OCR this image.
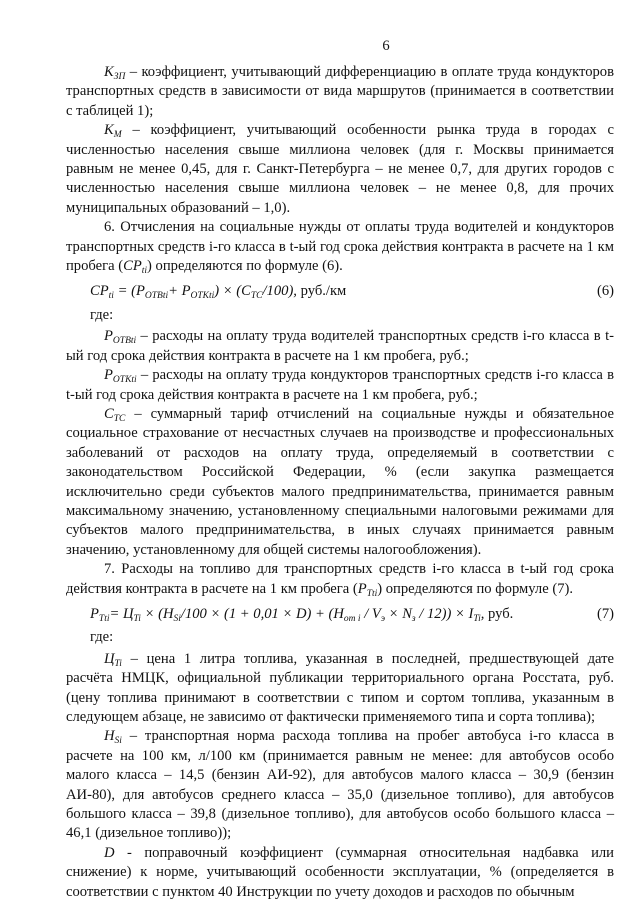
6

$K_{ЗП}$ – коэффициент, учитывающий дифференциацию в оплате труда кондукторов транспортных средств в зависимости от вида маршрутов (принимается в соответствии с таблицей 1);

$K_М$ – коэффициент, учитывающий особенности рынка труда в городах с численностью населения свыше миллиона человек (для г. Москвы принимается равным не менее 0,45, для г. Санкт-Петербурга – не менее 0,7, для других городов с численностью населения свыше миллиона человек – не менее 0,8, для прочих муниципальных образований – 1,0).

6. Отчисления на социальные нужды от оплаты труда водителей и кондукторов транспортных средств i-го класса в t-ый год срока действия контракта в расчете на 1 км пробега $(CP_{ti})$ определяются по формуле (6).

$CP_{ti} = (P_{ОТВti}+ P_{ОТКti}) \times (C_{ТС}/100)$, руб./км	(6)
где:

$P_{ОТВti}$ – расходы на оплату труда водителей транспортных средств i-го класса в t-ый год срока действия контракта в расчете на 1 км пробега, руб.;

$P_{ОТКti}$ – расходы на оплату труда кондукторов транспортных средств i-го класса в t-ый год срока действия контракта в расчете на 1 км пробега, руб.;

$C_{ТС}$ – суммарный тариф отчислений на социальные нужды и обязательное социальное страхование от несчастных случаев на производстве и профессиональных заболеваний от расходов на оплату труда, определяемый в соответствии с законодательством Российской Федерации, % (если закупка размещается исключительно среди субъектов малого предпринимательства, принимается равным максимальному значению, установленному специальными налоговыми режимами для субъектов малого предпринимательства, в иных случаях принимается равным значению, установленному для общей системы налогообложения).

7. Расходы на топливо для транспортных средств i-го класса в t-ый год срока действия контракта в расчете на 1 км пробега $(P_{Tti})$ определяются по формуле (7).

$P_{Tti}= Ц_{Ti} \times (H_{Si}/100 \times (1 + 0,01 \times D) + (H_{от i} / V_э \times N_з / 12)) \times I_{Ti}$, руб.	(7)
где:

$Ц_{Ti}$ – цена 1 литра топлива, указанная в последней, предшествующей дате расчёта НМЦК, официальной публикации территориального органа Росстата, руб. (цену топлива принимают в соответствии с типом и сортом топлива, указанным в следующем абзаце, не зависимо от фактически применяемого типа и сорта топлива);

$H_{Si}$ – транспортная норма расхода топлива на пробег автобуса i-го класса в расчете на 100 км, л/100 км (принимается равным не менее: для автобусов особо малого класса – 14,5 (бензин АИ-92), для автобусов малого класса – 30,9 (бензин АИ-80), для автобусов среднего класса – 35,0 (дизельное топливо), для автобусов большого класса – 39,8 (дизельное топливо), для автобусов особо большого класса – 46,1 (дизельное топливо));

D - поправочный коэффициент (суммарная относительная надбавка или снижение) к норме, учитывающий особенности эксплуатации, % (определяется в соответствии с пунктом 40 Инструкции по учету доходов и расходов по обычным
